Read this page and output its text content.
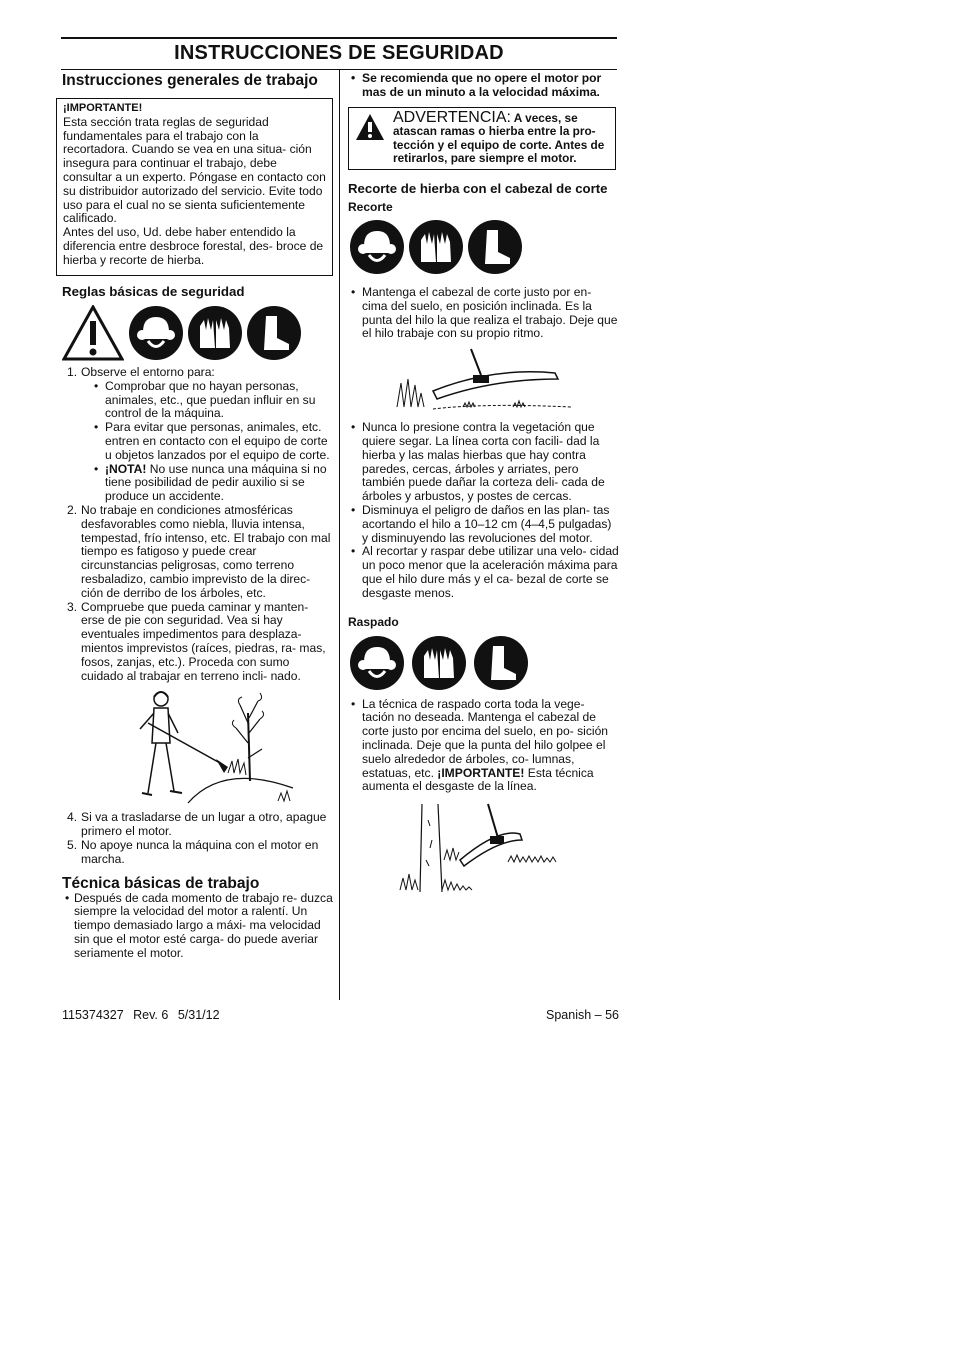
INSTRUCCIONES DE SEGURIDAD
Instrucciones generales de trabajo

¡IMPORTANTE!

Esta sección trata reglas de seguridad fundamentales para el trabajo con la recortadora. Cuando se vea en una situa- ción insegura para continuar el trabajo, debe consultar a un experto. Póngase en contacto con su distribuidor autorizado del servicio. Evite todo uso para el cual no se sienta suficientemente calificado.

Antes del uso, Ud. debe haber entendido la diferencia entre desbroce forestal, des- broce de hierba y recorte de hierba.

Reglas básicas de seguridad
1. Observe el entorno para:
• Comprobar que no hayan personas, animales, etc., que puedan influir en su control de la máquina.
• Para evitar que personas, animales, etc. entren en contacto con el equipo de corte u objetos lanzados por el equipo de corte.
• ¡NOTA! No use nunca una máquina si no tiene posibilidad de pedir auxilio si se produce un accidente.
2. No trabaje en condiciones atmosféricas desfavorables como niebla, lluvia intensa, tempestad, frío intenso, etc. El trabajo con mal tiempo es fatigoso y puede crear circunstancias peligrosas, como terreno resbaladizo, cambio imprevisto de la direc- ción de derribo de los árboles, etc.
3. Compruebe que pueda caminar y manten- erse de pie con seguridad. Vea si hay eventuales impedimentos para desplaza- mientos imprevistos (raíces, piedras, ra- mas, fosos, zanjas, etc.). Proceda con sumo cuidado al trabajar en terreno incli- nado.
4. Si va a trasladarse de un lugar a otro, apague primero el motor.
5. No apoye nunca la máquina con el motor en marcha.
Técnica básicas de trabajo
• Después de cada momento de trabajo re- duzca siempre la velocidad del motor a ralentí. Un tiempo demasiado largo a máxi- ma velocidad sin que el motor esté carga- do puede averiar seriamente el motor.
• Se recomienda que no opere el motor por mas de un minuto a la velocidad máxima.

ADVERTENCIA: A veces, se atascan ramas o hierba entre la pro- tección y el equipo de corte. Antes de retirarlos, pare siempre el motor.

Recorte de hierba con el cabezal de corte
Recorte
• Mantenga el cabezal de corte justo por en- cima del suelo, en posición inclinada. Es la punta del hilo la que realiza el trabajo. Deje que el hilo trabaje con su propio ritmo.
• Nunca lo presione contra la vegetación que quiere segar. La línea corta con facili- dad la hierba y las malas hierbas que hay contra paredes, cercas, árboles y arriates, pero también puede dañar la corteza deli- cada de árboles y arbustos, y postes de cercas.
• Disminuya el peligro de daños en las plan- tas acortando el hilo a 10–12 cm (4–4,5 pulgadas) y disminuyendo las revoluciones del motor.
• Al recortar y raspar debe utilizar una velo- cidad un poco menor que la aceleración máxima para que el hilo dure más y el ca- bezal de corte se desgaste menos.
Raspado
• La técnica de raspado corta toda la vege- tación no deseada. Mantenga el cabezal de corte justo por encima del suelo, en po- sición inclinada. Deje que la punta del hilo golpee el suelo alrededor de árboles, co- lumnas, estatuas, etc. ¡IMPORTANTE! Esta técnica aumenta el desgaste de la línea.
115374327 Rev. 6 5/31/12	Spanish – 56
